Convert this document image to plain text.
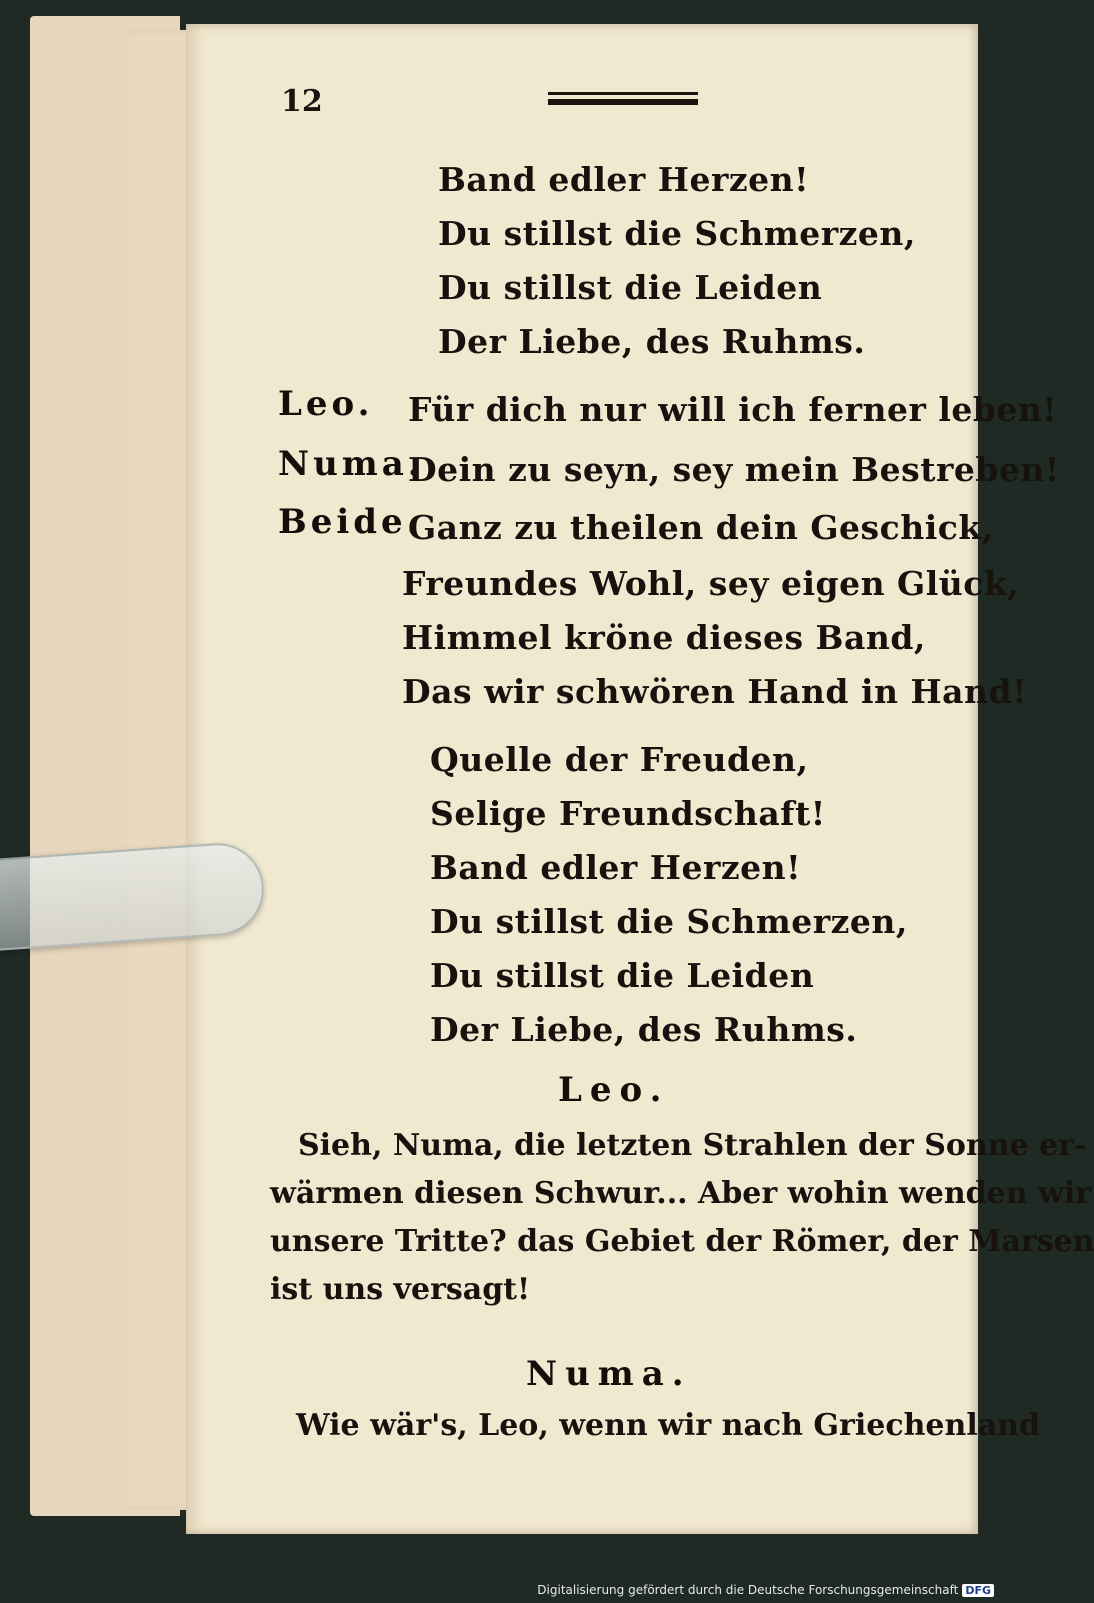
12
Band edler Herzen!
Du stillst die Schmerzen,
Du stillst die Leiden
Der Liebe, des Ruhms.
Leo. Für dich nur will ich ferner leben!
Numa.
Dein zu seyn, sey mein Bestreben!
Beide.
Ganz zu theilen dein Geschick,
Freundes Wohl, sey eigen Glück,
Himmel kröne dieses Band,
Das wir schwören Hand in Hand!
Quelle der Freuden,
Selige Freundschaft!
Band edler Herzen!
Du stillst die Schmerzen,
Du stillst die Leiden
Der Liebe, des Ruhms.
Leo.
Sieh, Numa, die letzten Strahlen der Sonne er-
wärmen diesen Schwur... Aber wohin wenden wir
unsere Tritte? das Gebiet der Römer, der Marsen
ist uns versagt!
Numa.
Wie wär's, Leo, wenn wir nach Griechenland
Digitalisierung gefördert durch die Deutsche Forschungsgemeinschaft DFG
